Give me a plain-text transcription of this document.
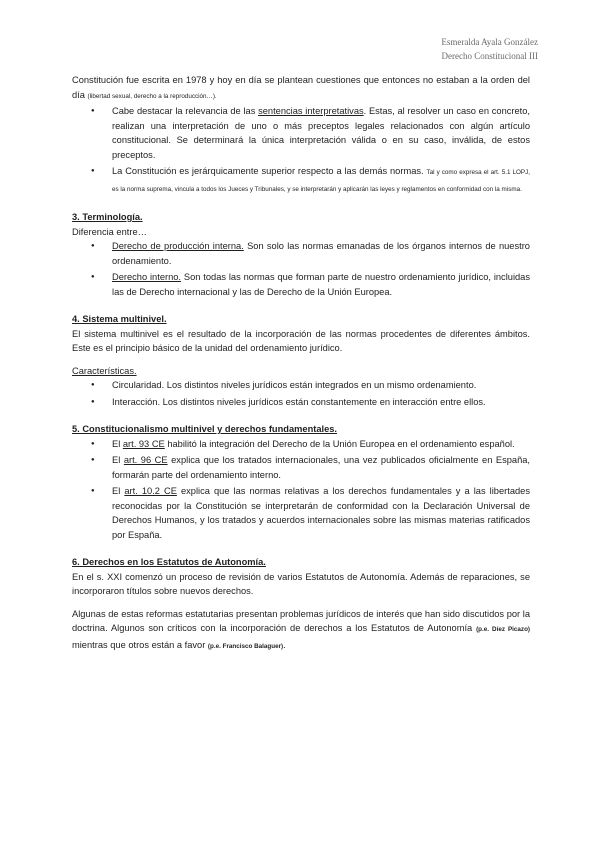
Esmeralda Ayala González
Derecho Constitucional III

Constitución fue escrita en 1978 y hoy en día se plantean cuestiones que entonces no estaban a la orden del día (libertad sexual, derecho a la reproducción…).

● Cabe destacar la relevancia de las sentencias interpretativas. Estas, al resolver un caso en concreto, realizan una interpretación de uno o más preceptos legales relacionados con algún artículo constitucional. Se determinará la única interpretación válida o en su caso, inválida, de estos preceptos.
● La Constitución es jerárquicamente superior respecto a las demás normas. Tal y como expresa el art. 5.1 LOPJ, es la norma suprema, vincula a todos los Jueces y Tribunales, y se interpretarán y aplicarán las leyes y reglamentos en conformidad con la misma.
3. Terminología.

Diferencia entre…

● Derecho de producción interna. Son solo las normas emanadas de los órganos internos de nuestro ordenamiento.
● Derecho interno. Son todas las normas que forman parte de nuestro ordenamiento jurídico, incluidas las de Derecho internacional y las de Derecho de la Unión Europea.
4. Sistema multinivel.

El sistema multinivel es el resultado de la incorporación de las normas procedentes de diferentes ámbitos. Este es el principio básico de la unidad del ordenamiento jurídico.

Características.

● Circularidad. Los distintos niveles jurídicos están integrados en un mismo ordenamiento.
● Interacción. Los distintos niveles jurídicos están constantemente en interacción entre ellos.
5. Constitucionalismo multinivel y derechos fundamentales.
● El art. 93 CE habilitó la integración del Derecho de la Unión Europea en el ordenamiento español.
● El art. 96 CE explica que los tratados internacionales, una vez publicados oficialmente en España, formarán parte del ordenamiento interno.
● El art. 10.2 CE explica que las normas relativas a los derechos fundamentales y a las libertades reconocidas por la Constitución se interpretarán de conformidad con la Declaración Universal de Derechos Humanos, y los tratados y acuerdos internacionales sobre las mismas materias ratificados por España.
6. Derechos en los Estatutos de Autonomía.

En el s. XXI comenzó un proceso de revisión de varios Estatutos de Autonomía. Además de reparaciones, se incorporaron títulos sobre nuevos derechos.

Algunas de estas reformas estatutarias presentan problemas jurídicos de interés que han sido discutidos por la doctrina. Algunos son críticos con la incorporación de derechos a los Estatutos de Autonomía (p.e. Díez Picazo) mientras que otros están a favor (p.e. Francisco Balaguer).
